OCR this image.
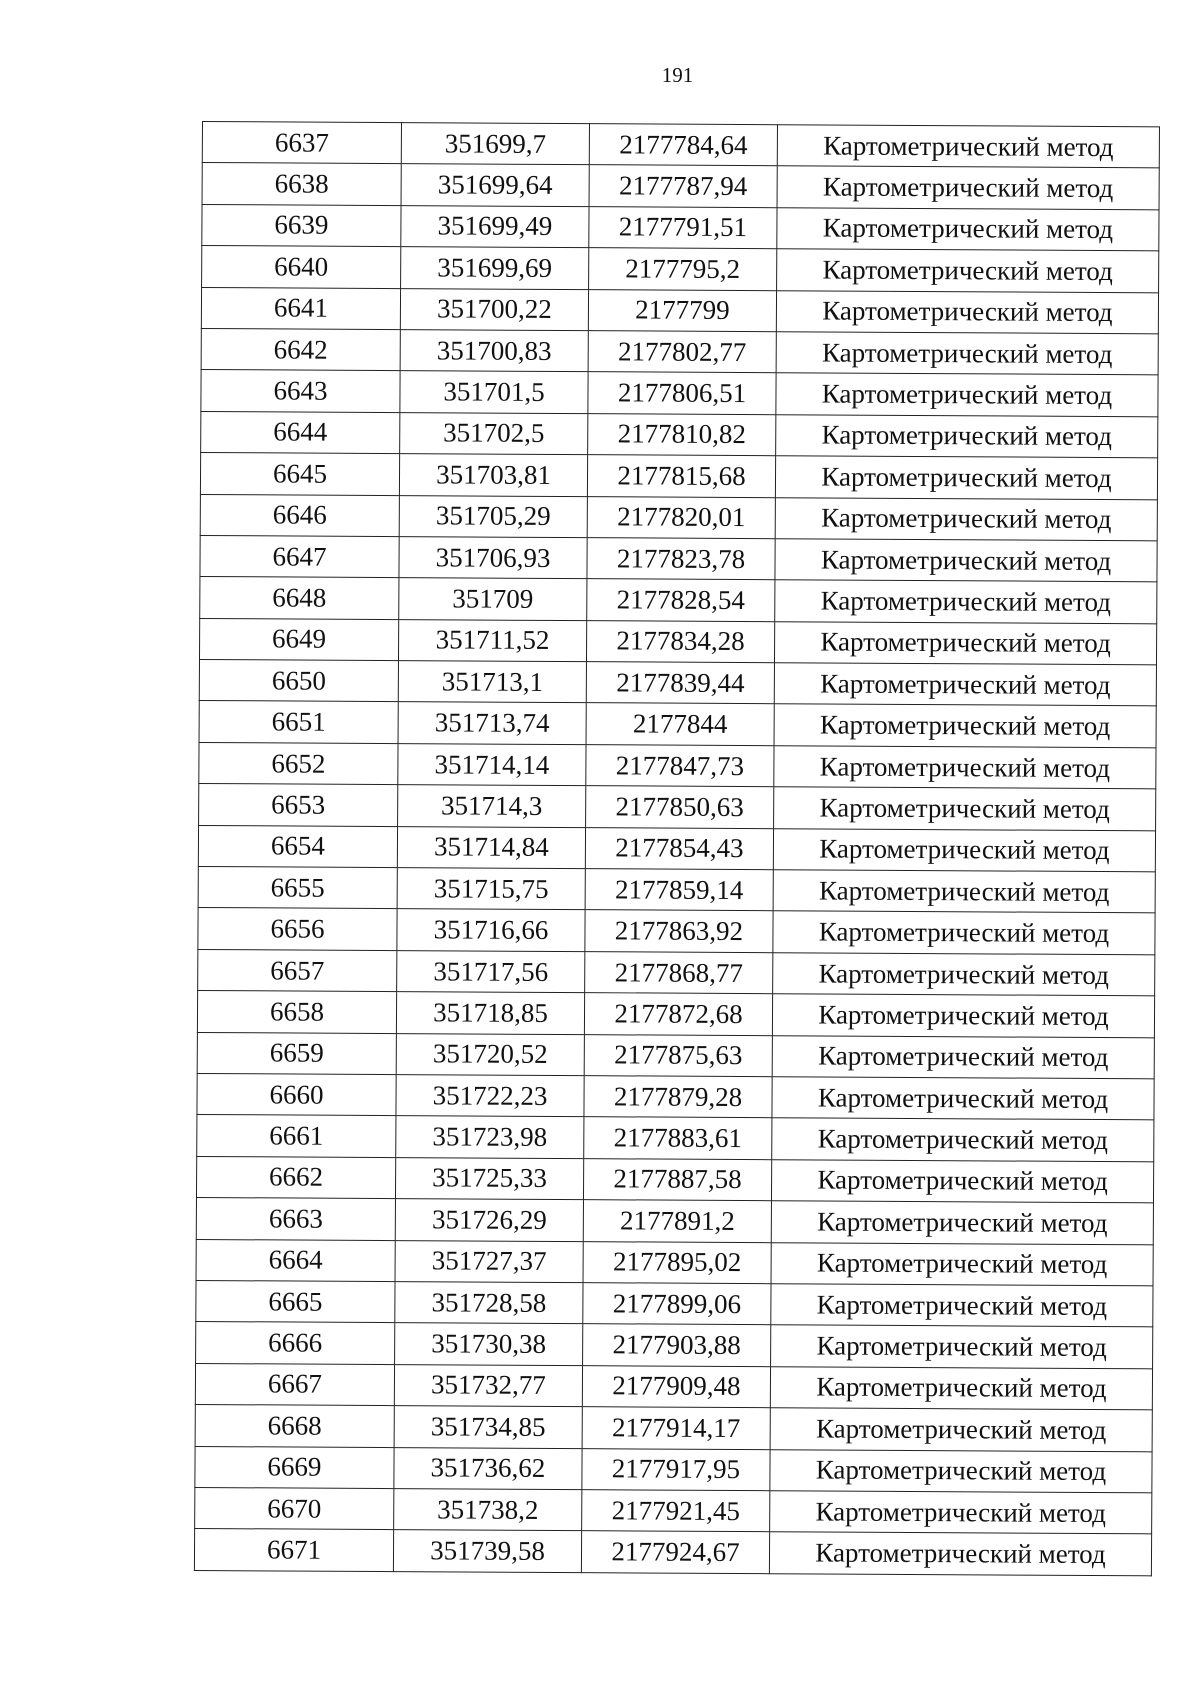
191
6637	351699,7	2177784,64	Картометрический метод
6638	351699,64	2177787,94	Картометрический метод
6639	351699,49	2177791,51	Картометрический метод
6640	351699,69	2177795,2	Картометрический метод
6641	351700,22	2177799	Картометрический метод
6642	351700,83	2177802,77	Картометрический метод
6643	351701,5	2177806,51	Картометрический метод
6644	351702,5	2177810,82	Картометрический метод
6645	351703,81	2177815,68	Картометрический метод
6646	351705,29	2177820,01	Картометрический метод
6647	351706,93	2177823,78	Картометрический метод
6648	351709	2177828,54	Картометрический метод
6649	351711,52	2177834,28	Картометрический метод
6650	351713,1	2177839,44	Картометрический метод
6651	351713,74	2177844	Картометрический метод
6652	351714,14	2177847,73	Картометрический метод
6653	351714,3	2177850,63	Картометрический метод
6654	351714,84	2177854,43	Картометрический метод
6655	351715,75	2177859,14	Картометрический метод
6656	351716,66	2177863,92	Картометрический метод
6657	351717,56	2177868,77	Картометрический метод
6658	351718,85	2177872,68	Картометрический метод
6659	351720,52	2177875,63	Картометрический метод
6660	351722,23	2177879,28	Картометрический метод
6661	351723,98	2177883,61	Картометрический метод
6662	351725,33	2177887,58	Картометрический метод
6663	351726,29	2177891,2	Картометрический метод
6664	351727,37	2177895,02	Картометрический метод
6665	351728,58	2177899,06	Картометрический метод
6666	351730,38	2177903,88	Картометрический метод
6667	351732,77	2177909,48	Картометрический метод
6668	351734,85	2177914,17	Картометрический метод
6669	351736,62	2177917,95	Картометрический метод
6670	351738,2	2177921,45	Картометрический метод
6671	351739,58	2177924,67	Картометрический метод
